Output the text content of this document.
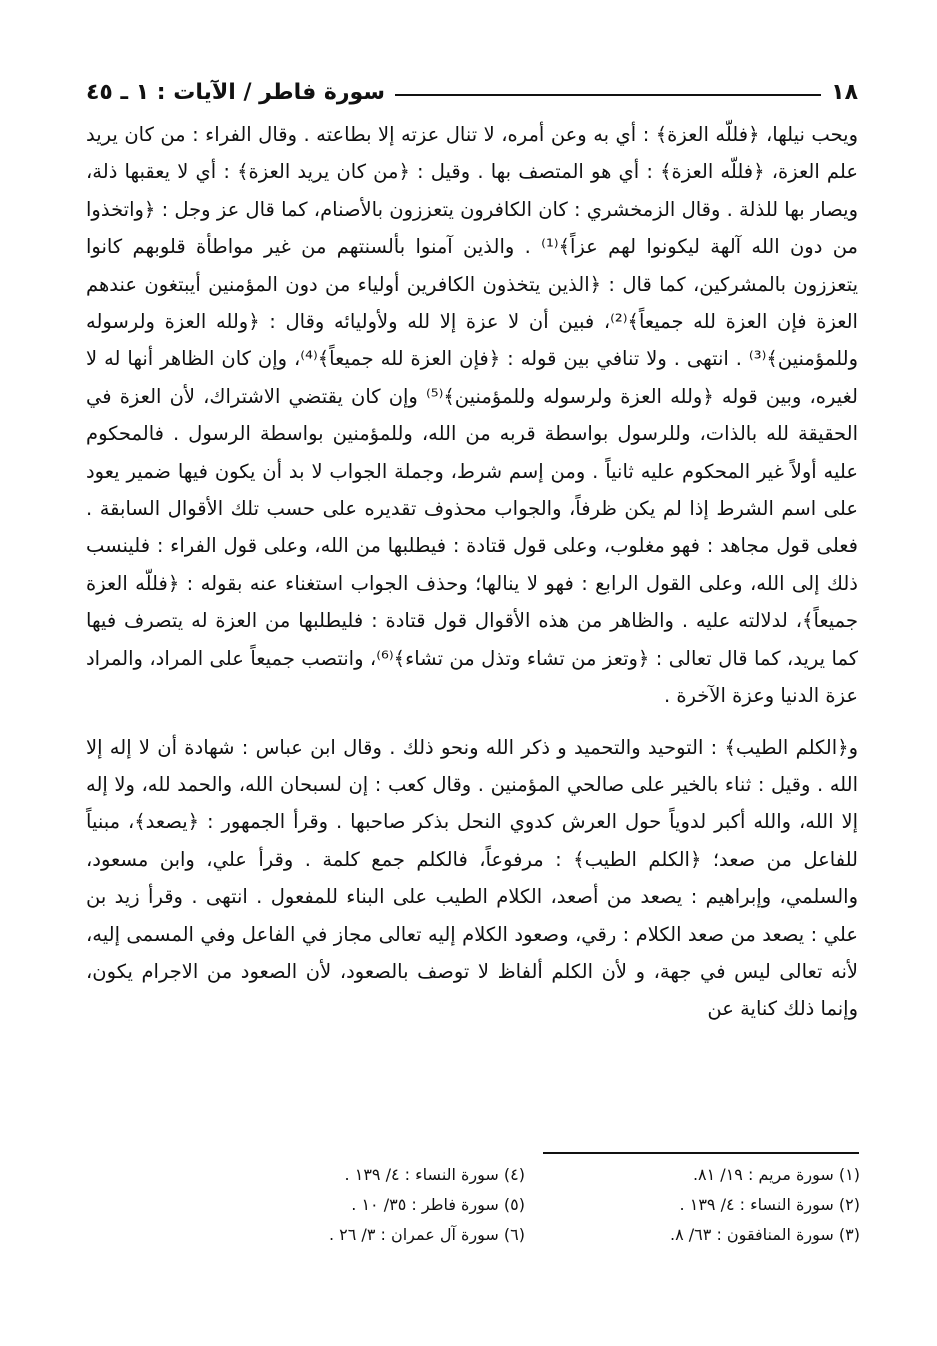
١٨
سورة فاطر / الآيات : ١ ـ ٤٥

ويحب نيلها، ﴿فللّه العزة﴾ : أي به وعن أمره، لا تنال عزته إلا بطاعته . وقال الفراء : من كان يريد علم العزة، ﴿فللّه العزة﴾ : أي هو المتصف بها . وقيل : ﴿من كان يريد العزة﴾ : أي لا يعقبها ذلة، ويصار بها للذلة . وقال الزمخشري : كان الكافرون يتعززون بالأصنام، كما قال عز وجل : ﴿واتخذوا من دون الله آلهة ليكونوا لهم عزاً﴾⁽¹⁾ . والذين آمنوا بألسنتهم من غير مواطأة قلوبهم كانوا يتعززون بالمشركين، كما قال : ﴿الذين يتخذون الكافرين أولياء من دون المؤمنين أيبتغون عندهم العزة فإن العزة لله جميعاً﴾⁽²⁾، فبين أن لا عزة إلا لله ولأوليائه وقال : ﴿ولله العزة ولرسوله وللمؤمنين﴾⁽³⁾ . انتهى . ولا تنافي بين قوله : ﴿فإن العزة لله جميعاً﴾⁽⁴⁾، وإن كان الظاهر أنها له لا لغيره، وبين قوله ﴿ولله العزة ولرسوله وللمؤمنين﴾⁽⁵⁾ وإن كان يقتضي الاشتراك، لأن العزة في الحقيقة لله بالذات، وللرسول بواسطة قربه من الله، وللمؤمنين بواسطة الرسول . فالمحكوم عليه أولاً غير المحكوم عليه ثانياً . ومن إسم شرط، وجملة الجواب لا بد أن يكون فيها ضمير يعود على اسم الشرط إذا لم يكن ظرفاً، والجواب محذوف تقديره على حسب تلك الأقوال السابقة . فعلى قول مجاهد : فهو مغلوب، وعلى قول قتادة : فيطلبها من الله، وعلى قول الفراء : فلينسب ذلك إلى الله، وعلى القول الرابع : فهو لا ينالها؛ وحذف الجواب استغناء عنه بقوله : ﴿فللّه العزة جميعاً﴾، لدلالته عليه . والظاهر من هذه الأقوال قول قتادة : فليطلبها من العزة له يتصرف فيها كما يريد، كما قال تعالى : ﴿وتعز من تشاء وتذل من تشاء﴾⁽⁶⁾، وانتصب جميعاً على المراد، والمراد عزة الدنيا وعزة الآخرة .

و﴿الكلم الطيب﴾ : التوحيد والتحميد و ذكر الله ونحو ذلك . وقال ابن عباس : شهادة أن لا إله إلا الله . وقيل : ثناء بالخير على صالحي المؤمنين . وقال كعب : إن لسبحان الله، والحمد لله، ولا إله إلا الله، والله أكبر لدوياً حول العرش كدوي النحل بذكر صاحبها . وقرأ الجمهور : ﴿يصعد﴾، مبنياً للفاعل من صعد؛ ﴿الكلم الطيب﴾ : مرفوعاً، فالكلم جمع كلمة . وقرأ علي، وابن مسعود، والسلمي، وإبراهيم : يصعد من أصعد، الكلام الطيب على البناء للمفعول . انتهى . وقرأ زيد بن علي : يصعد من صعد الكلام : رقي، وصعود الكلام إليه تعالى مجاز في الفاعل وفي المسمى إليه، لأنه تعالى ليس في جهة، و لأن الكلم ألفاظ لا توصف بالصعود، لأن الصعود من الاجرام يكون، وإنما ذلك كناية عن

(١) سورة مريم : ١٩/ ٨١.
(٢) سورة النساء : ٤/ ١٣٩ .
(٣) سورة المنافقون : ٦٣/ ٨.
(٤) سورة النساء : ٤/ ١٣٩ .
(٥) سورة فاطر : ٣٥/ ١٠ .
(٦) سورة آل عمران : ٣/ ٢٦ .
